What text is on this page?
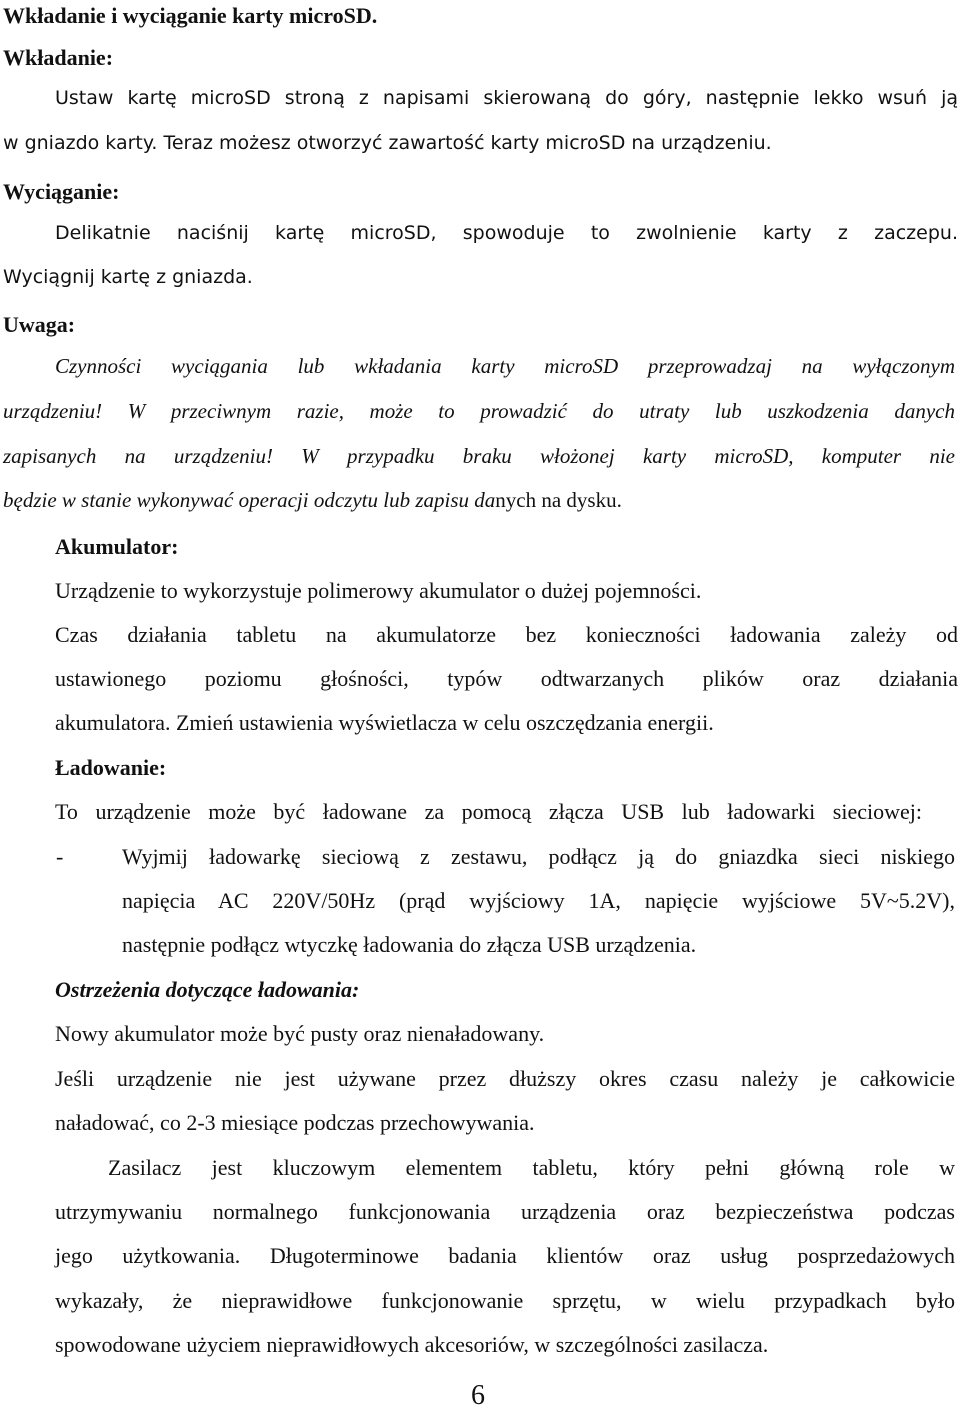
Wkładanie i wyciąganie karty microSD.
Wkładanie:
Ustaw kartę microSD stroną z napisami skierowaną do góry, następnie lekko wsuń ją
w gniazdo karty. Teraz możesz otworzyć zawartość karty microSD na urządzeniu.
Wyciąganie:
Delikatnie naciśnij kartę microSD, spowoduje to zwolnienie karty z zaczepu.
Wyciągnij kartę z gniazda.
Uwaga:
Czynności wyciągania lub wkładania karty microSD przeprowadzaj na wyłączonym
urządzeniu! W przeciwnym razie, może to prowadzić do utraty lub uszkodzenia danych
zapisanych na urządzeniu! W przypadku braku włożonej karty microSD, komputer nie
będzie w stanie wykonywać operacji odczytu lub zapisu danych na dysku.
Akumulator:
Urządzenie to wykorzystuje polimerowy akumulator o dużej pojemności.
Czas działania tabletu na akumulatorze bez konieczności ładowania zależy od
ustawionego poziomu głośności, typów odtwarzanych plików oraz działania
akumulatora. Zmień ustawienia wyświetlacza w celu oszczędzania energii.
Ładowanie:
To urządzenie może być ładowane za pomocą złącza USB lub ładowarki sieciowej:
-	Wyjmij ładowarkę sieciową z zestawu, podłącz ją do gniazdka sieci niskiego
napięcia AC 220V/50Hz (prąd wyjściowy 1A, napięcie wyjściowe 5V~5.2V),
następnie podłącz wtyczkę ładowania do złącza USB urządzenia.
Ostrzeżenia dotyczące ładowania:
Nowy akumulator może być pusty oraz nienaładowany.
Jeśli urządzenie nie jest używane przez dłuższy okres czasu należy je całkowicie
naładować, co 2-3 miesiące podczas przechowywania.
Zasilacz jest kluczowym elementem tabletu, który pełni główną role w
utrzymywaniu normalnego funkcjonowania urządzenia oraz bezpieczeństwa podczas
jego użytkowania. Długoterminowe badania klientów oraz usług posprzedażowych
wykazały, że nieprawidłowe funkcjonowanie sprzętu, w wielu przypadkach było
spowodowane użyciem nieprawidłowych akcesoriów, w szczególności zasilacza.
6
